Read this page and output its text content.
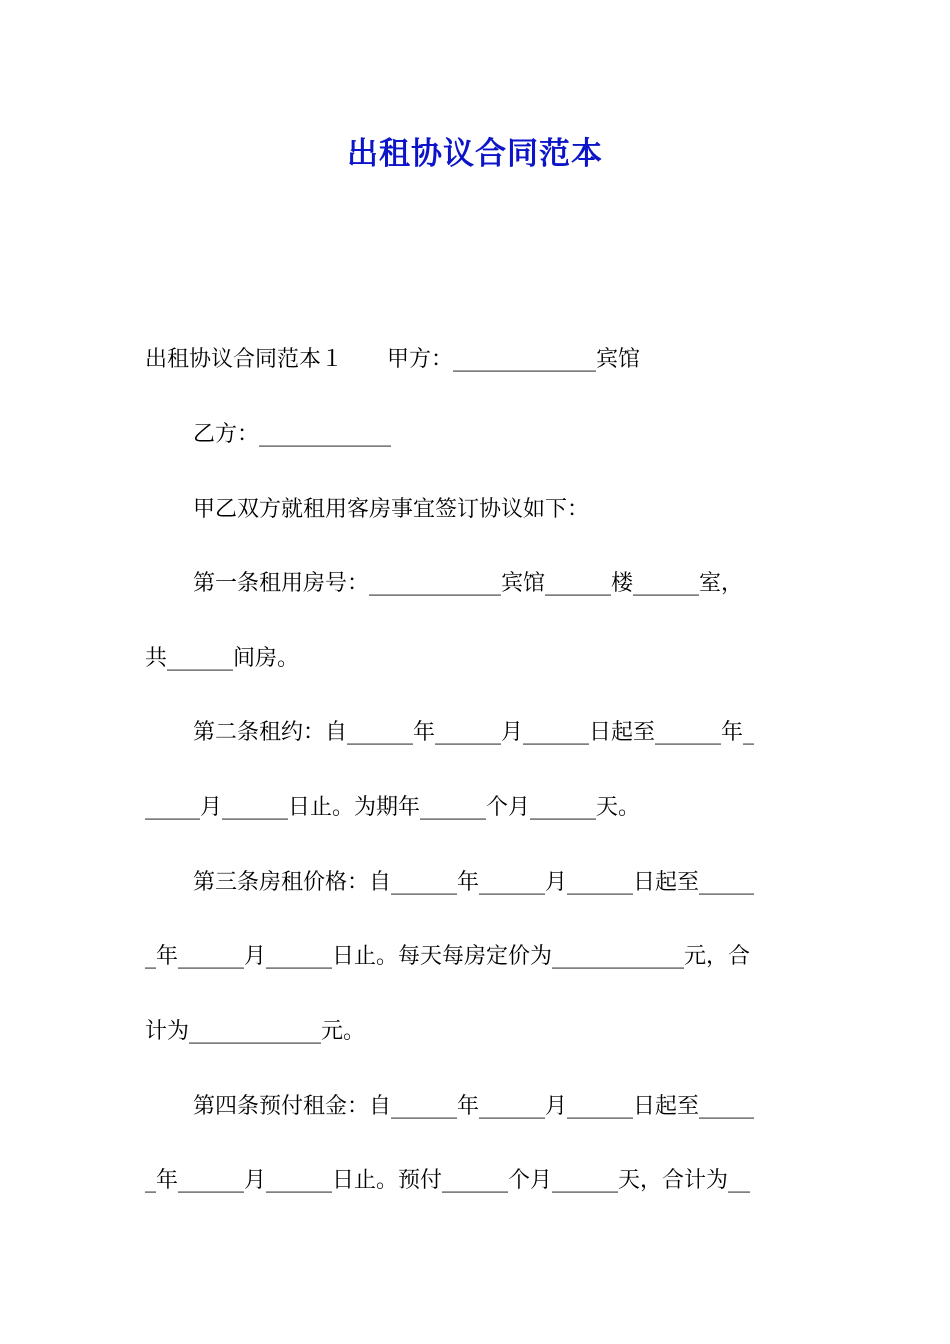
出租协议合同范本

出租协议合同范本１　　甲方：_____________宾馆

乙方：____________

甲乙双方就租用客房事宜签订协议如下：

第一条租用房号：____________宾馆______楼______室，

共______间房。

第二条租约：自______年______月______日起至______年_

_____月______日止。为期年______个月______天。

第三条房租价格：自______年______月______日起至_____

_年______月______日止。每天每房定价为____________元，合

计为____________元。

第四条预付租金：自______年______月______日起至_____

_年______月______日止。预付______个月______天，合计为__
